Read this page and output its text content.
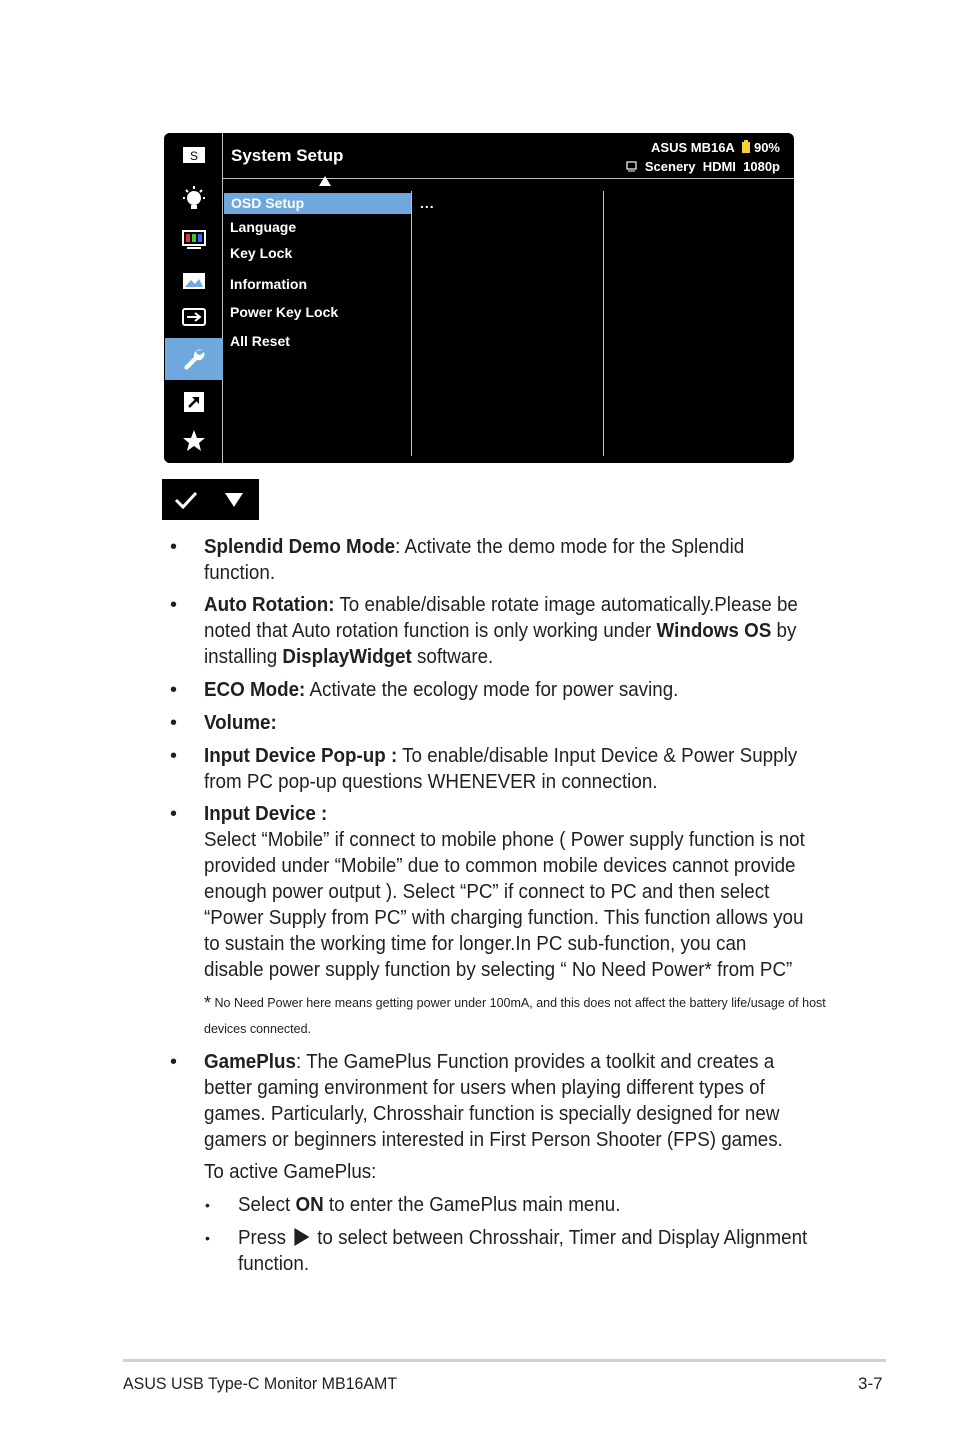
S System Setup	ASUS MB16A 90%
Scenery  HDMI  1080p
OSD Setup
Language
Key Lock
Information
Power Key Lock
All Reset
...
• Splendid Demo Mode: Activate the demo mode for the Splendid function.
• Auto Rotation: To enable/disable rotate image automatically.Please be noted that Auto rotation function is only working under Windows OS by installing DisplayWidget software.
• ECO Mode: Activate the ecology mode for power saving.
• Volume:
• Input Device Pop-up : To enable/disable Input Device & Power Supply from PC pop-up questions WHENEVER in connection.
• Input Device :
Select “Mobile” if connect to mobile phone ( Power supply function is not provided under “Mobile” due to common mobile devices cannot provide enough power output ). Select “PC” if connect to PC and then select “Power Supply from PC” with charging function. This function allows you to sustain the working time for longer.In PC sub-function, you can disable power supply function by selecting “ No Need Power* from PC”
* No Need Power here means getting power under 100mA, and this does not affect the battery life/usage of host devices connected.
• GamePlus: The GamePlus Function provides a toolkit and creates a better gaming environment for users when playing different types of games. Particularly, Chrosshair function is specially designed for new gamers or beginners interested in First Person Shooter (FPS) games.
To active GamePlus:
• Select ON to enter the GamePlus main menu.
• Press  to select between Chrosshair, Timer and Display Alignment function.
ASUS USB Type-C Monitor MB16AMT	3-7
